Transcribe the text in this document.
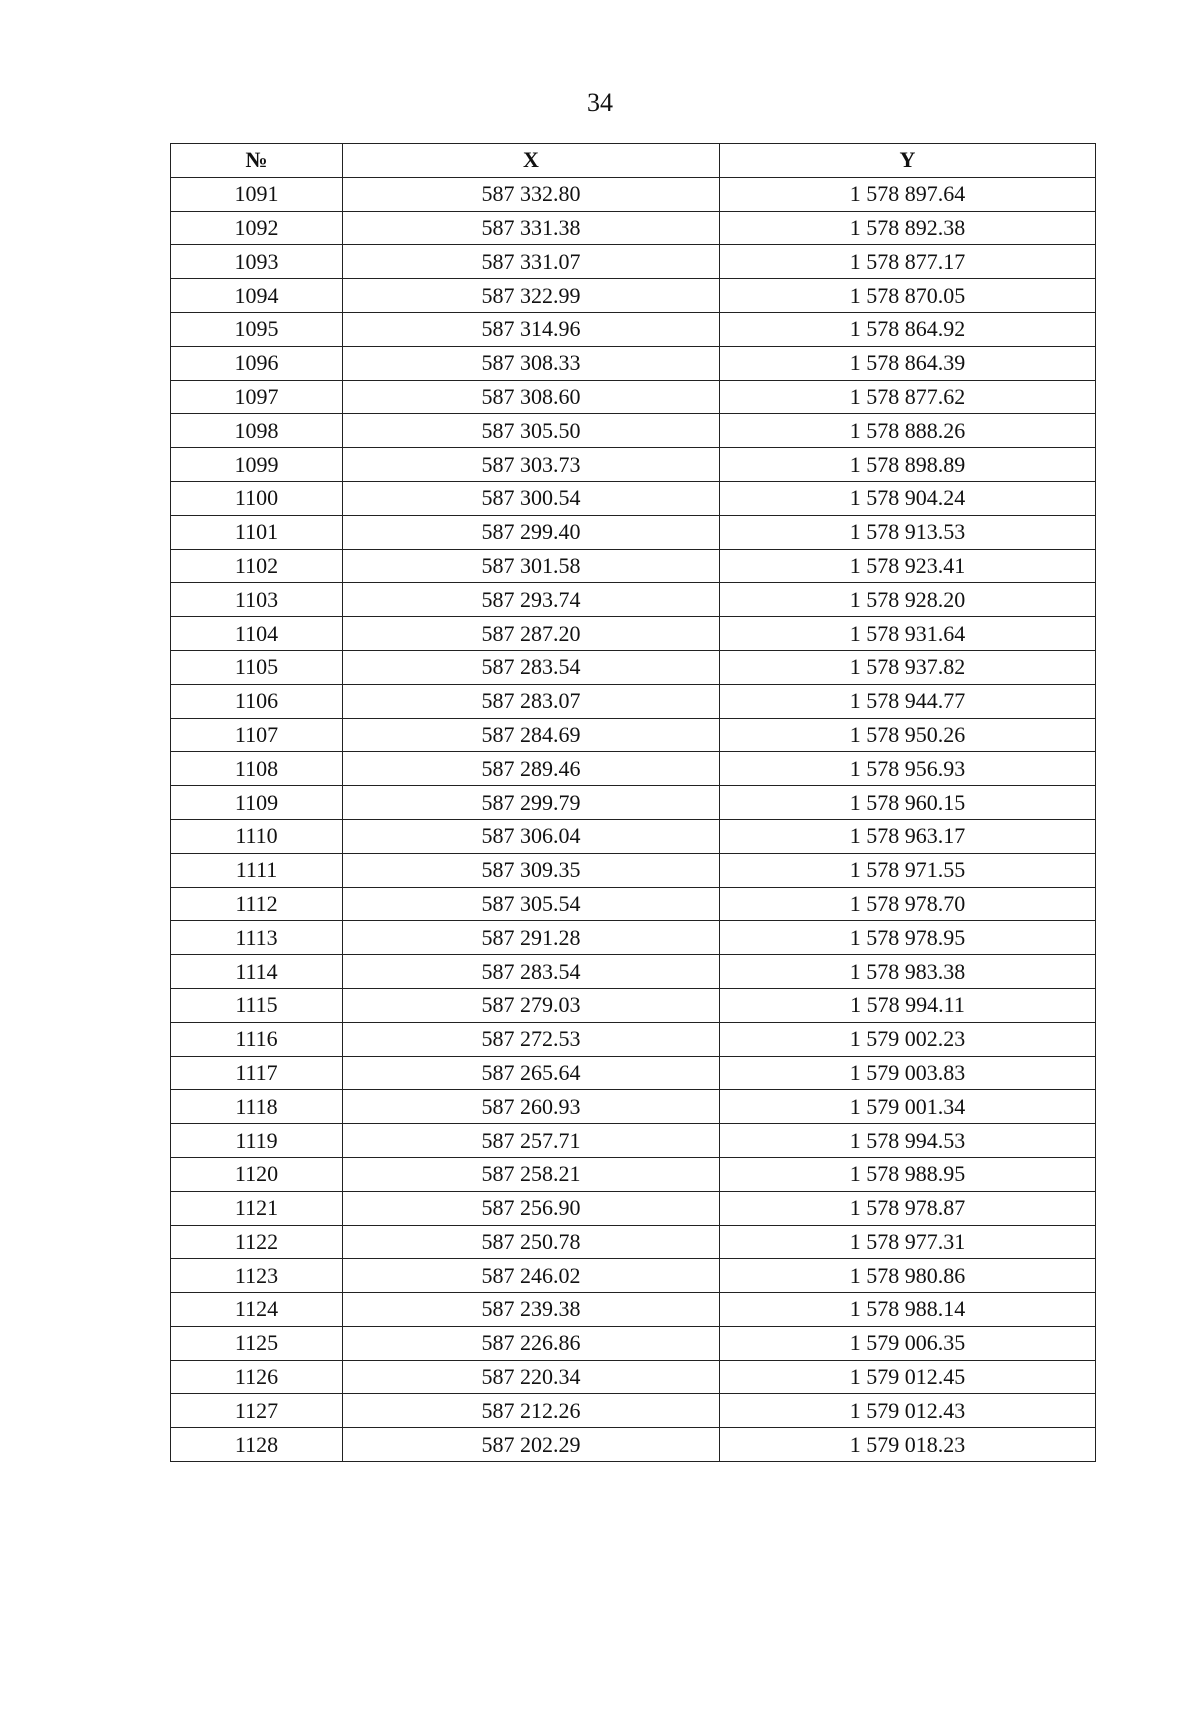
34
№	X	Y
1091	587 332.80	1 578 897.64
1092	587 331.38	1 578 892.38
1093	587 331.07	1 578 877.17
1094	587 322.99	1 578 870.05
1095	587 314.96	1 578 864.92
1096	587 308.33	1 578 864.39
1097	587 308.60	1 578 877.62
1098	587 305.50	1 578 888.26
1099	587 303.73	1 578 898.89
1100	587 300.54	1 578 904.24
1101	587 299.40	1 578 913.53
1102	587 301.58	1 578 923.41
1103	587 293.74	1 578 928.20
1104	587 287.20	1 578 931.64
1105	587 283.54	1 578 937.82
1106	587 283.07	1 578 944.77
1107	587 284.69	1 578 950.26
1108	587 289.46	1 578 956.93
1109	587 299.79	1 578 960.15
1110	587 306.04	1 578 963.17
1111	587 309.35	1 578 971.55
1112	587 305.54	1 578 978.70
1113	587 291.28	1 578 978.95
1114	587 283.54	1 578 983.38
1115	587 279.03	1 578 994.11
1116	587 272.53	1 579 002.23
1117	587 265.64	1 579 003.83
1118	587 260.93	1 579 001.34
1119	587 257.71	1 578 994.53
1120	587 258.21	1 578 988.95
1121	587 256.90	1 578 978.87
1122	587 250.78	1 578 977.31
1123	587 246.02	1 578 980.86
1124	587 239.38	1 578 988.14
1125	587 226.86	1 579 006.35
1126	587 220.34	1 579 012.45
1127	587 212.26	1 579 012.43
1128	587 202.29	1 579 018.23
